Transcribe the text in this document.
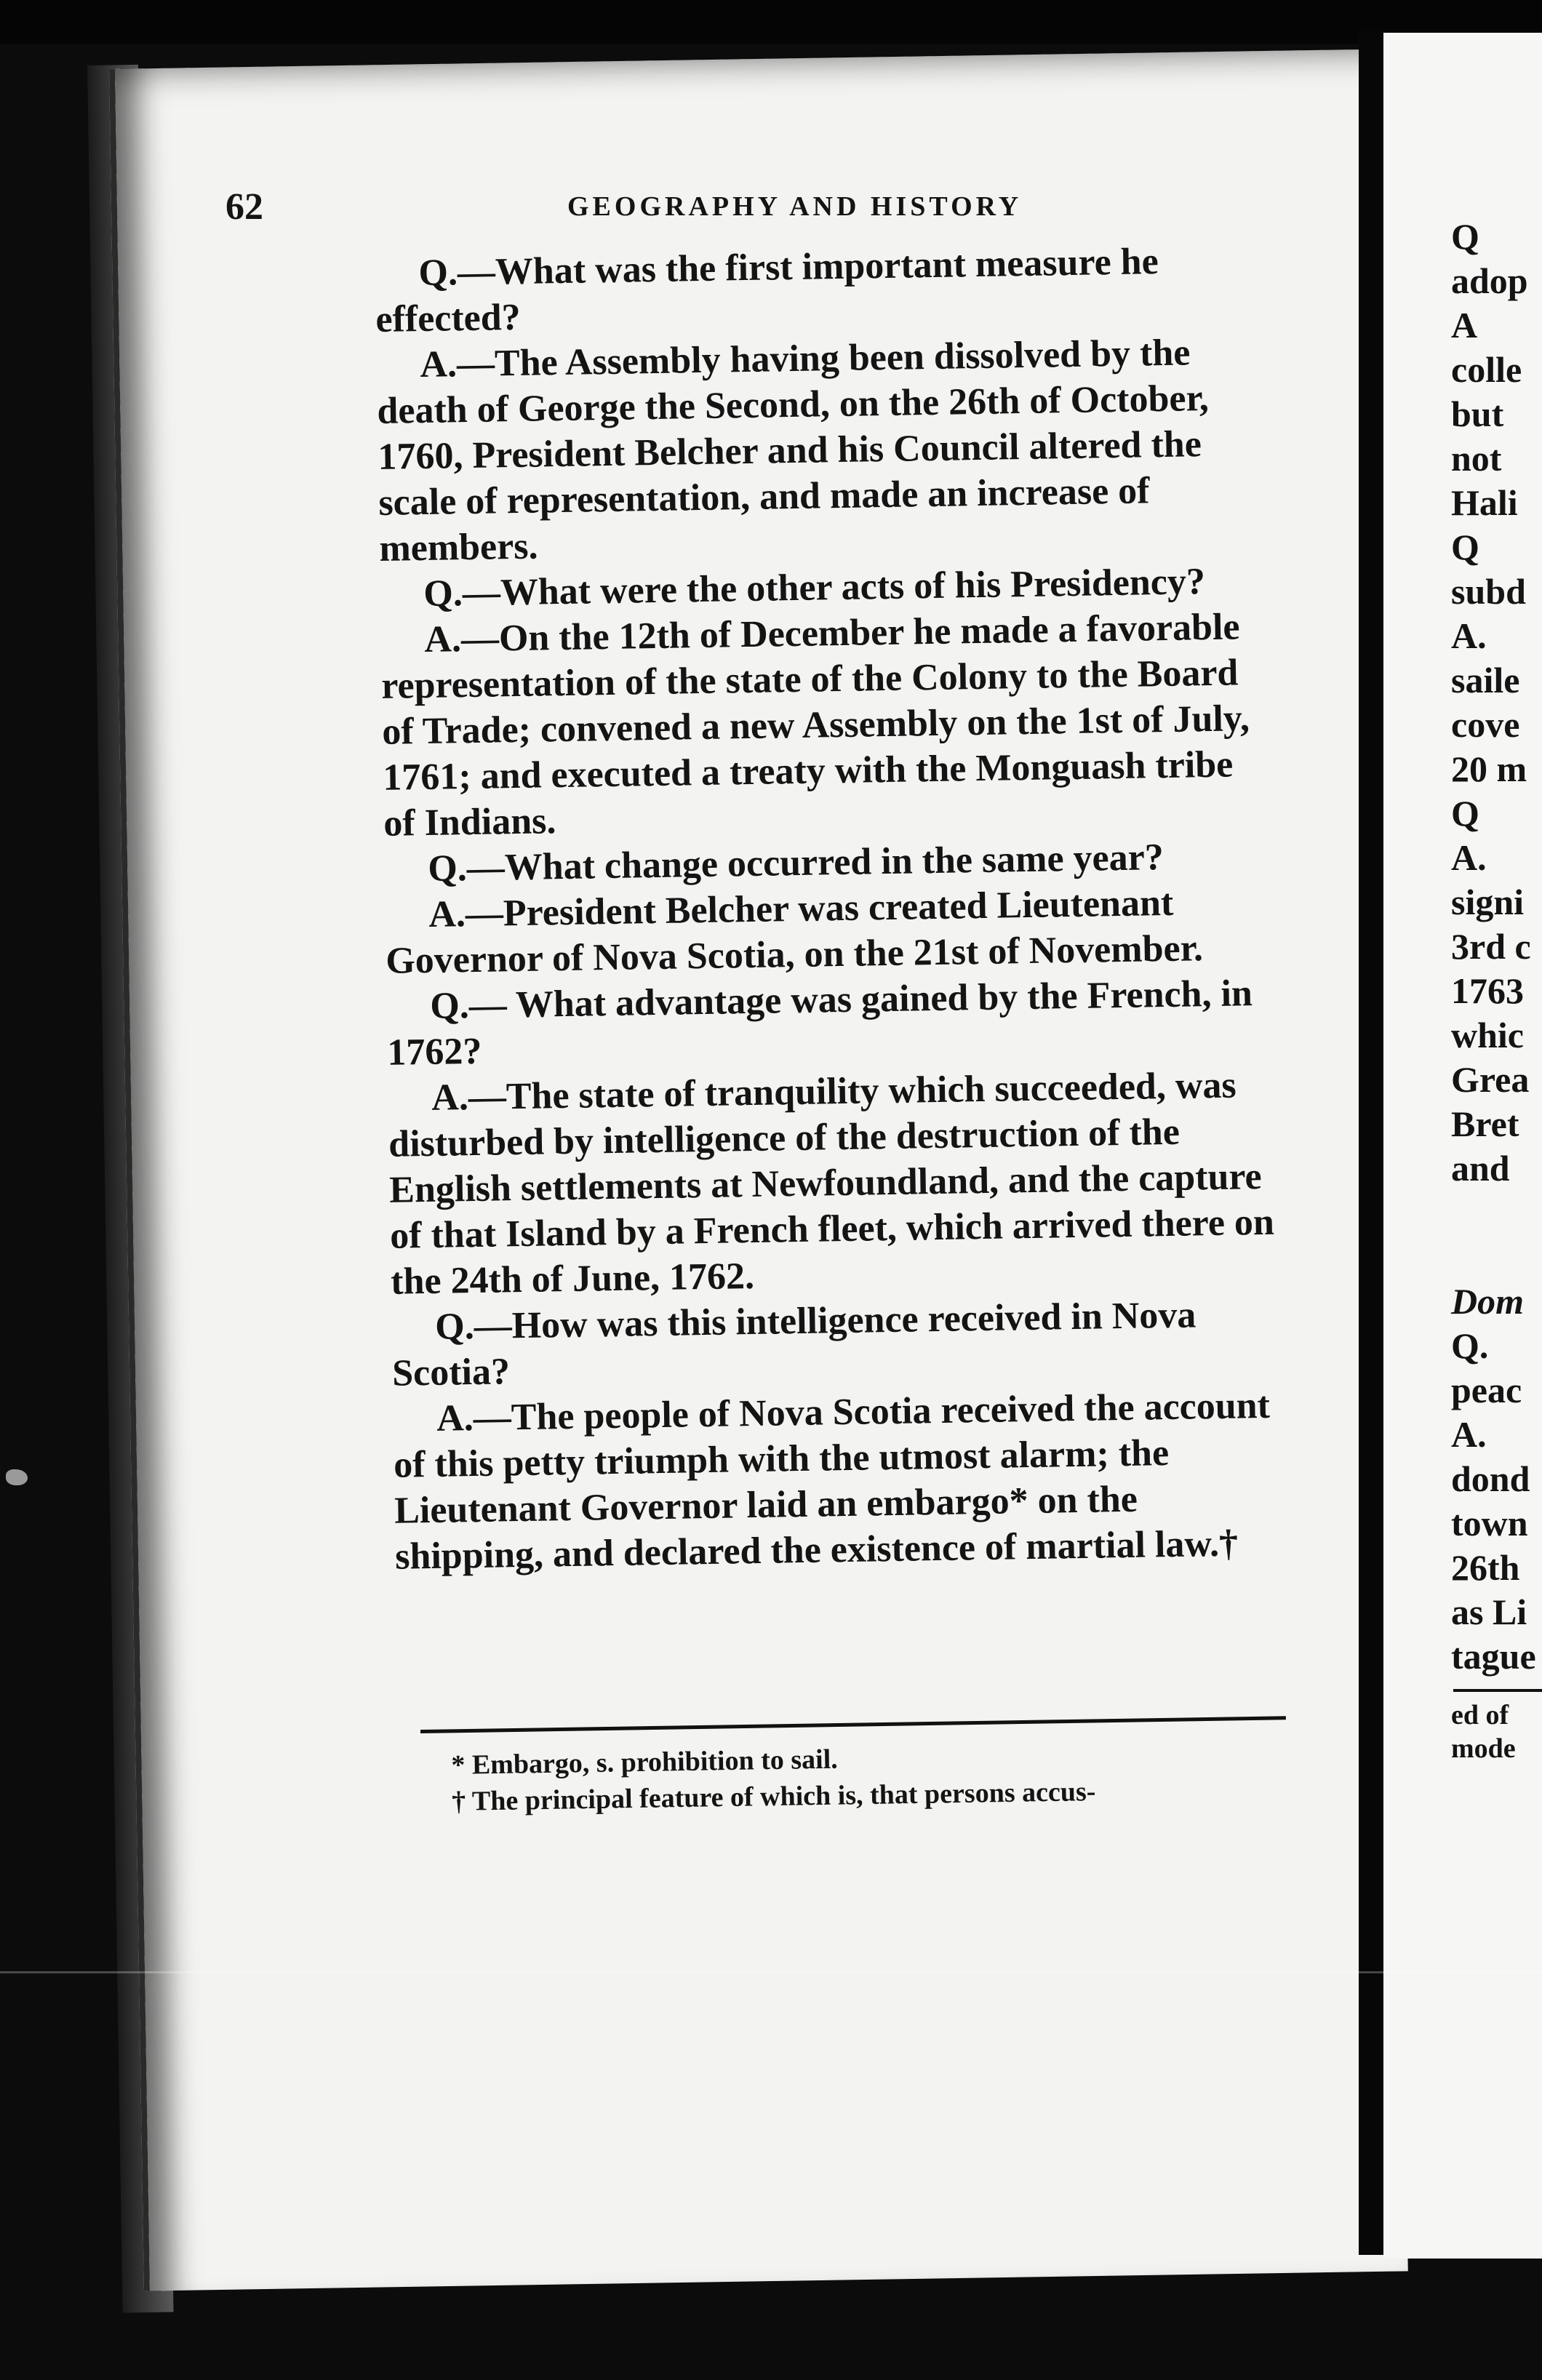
62	GEOGRAPHY AND HISTORY

Q.—What was the first important measure he effected?

A.—The Assembly having been dissolved by the death of George the Second, on the 26th of October, 1760, President Belcher and his Council altered the scale of representation, and made an increase of members.

Q.—What were the other acts of his Presidency?

A.—On the 12th of December he made a favorable representation of the state of the Colony to the Board of Trade; convened a new Assembly on the 1st of July, 1761; and executed a treaty with the Monguash tribe of Indians.

Q.—What change occurred in the same year?

A.—President Belcher was created Lieutenant Governor of Nova Scotia, on the 21st of November.

Q.— What advantage was gained by the French, in 1762?

A.—The state of tranquility which succeeded, was disturbed by intelligence of the destruction of the English settlements at Newfoundland, and the capture of that Island by a French fleet, which arrived there on the 24th of June, 1762.

Q.—How was this intelligence received in Nova Scotia?

A.—The people of Nova Scotia received the account of this petty triumph with the utmost alarm; the Lieutenant Governor laid an embargo* on the shipping, and declared the existence of martial law.†

* Embargo, s. prohibition to sail.

† The principal feature of which is, that persons accus-

Q
adop
A
colle
but
not
Hali
Q
subd
A.
saile
cove
20 m
Q
A.
signi
3rd c
1763
whic
Grea
Bret
and
Dom
Q.
peac
A.
dond
town
26th
as Li
tague
ed of
mode
